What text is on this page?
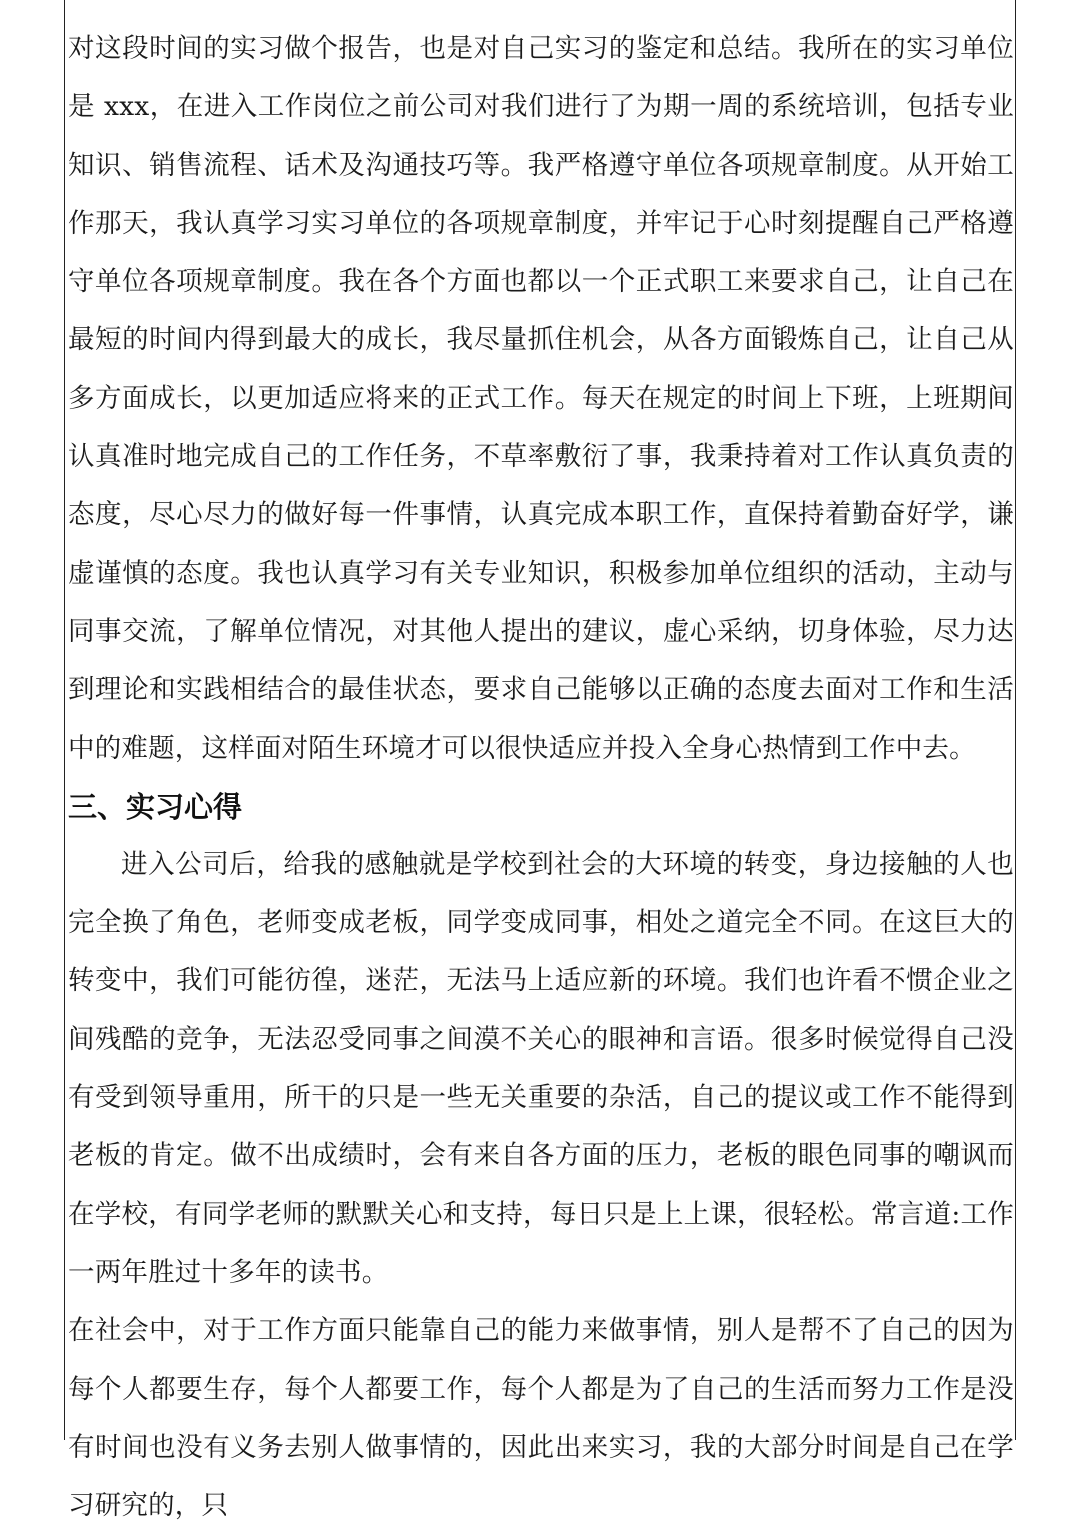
对这段时间的实习做个报告，也是对自己实习的鉴定和总结。我所在的实习单位是 xxx，在进入工作岗位之前公司对我们进行了为期一周的系统培训，包括专业知识、销售流程、话术及沟通技巧等。我严格遵守单位各项规章制度。从开始工作那天，我认真学习实习单位的各项规章制度，并牢记于心时刻提醒自己严格遵守单位各项规章制度。我在各个方面也都以一个正式职工来要求自己，让自己在最短的时间内得到最大的成长，我尽量抓住机会，从各方面锻炼自己，让自己从多方面成长，以更加适应将来的正式工作。每天在规定的时间上下班，上班期间认真准时地完成自己的工作任务，不草率敷衍了事，我秉持着对工作认真负责的态度，尽心尽力的做好每一件事情，认真完成本职工作，直保持着勤奋好学，谦虚谨慎的态度。我也认真学习有关专业知识，积极参加单位组织的活动，主动与同事交流，了解单位情况，对其他人提出的建议，虚心采纳，切身体验，尽力达到理论和实践相结合的最佳状态，要求自己能够以正确的态度去面对工作和生活中的难题，这样面对陌生环境才可以很快适应并投入全身心热情到工作中去。

三、实习心得

进入公司后，给我的感触就是学校到社会的大环境的转变，身边接触的人也完全换了角色，老师变成老板，同学变成同事，相处之道完全不同。在这巨大的转变中，我们可能彷徨，迷茫，无法马上适应新的环境。我们也许看不惯企业之间残酷的竞争，无法忍受同事之间漠不关心的眼神和言语。很多时候觉得自己没有受到领导重用，所干的只是一些无关重要的杂活，自己的提议或工作不能得到老板的肯定。做不出成绩时，会有来自各方面的压力，老板的眼色同事的嘲讽而在学校，有同学老师的默默关心和支持，每日只是上上课，很轻松。常言道:工作一两年胜过十多年的读书。

在社会中，对于工作方面只能靠自己的能力来做事情，别人是帮不了自己的因为每个人都要生存，每个人都要工作，每个人都是为了自己的生活而努力工作是没有时间也没有义务去别人做事情的，因此出来实习，我的大部分时间是自己在学习研究的，只
